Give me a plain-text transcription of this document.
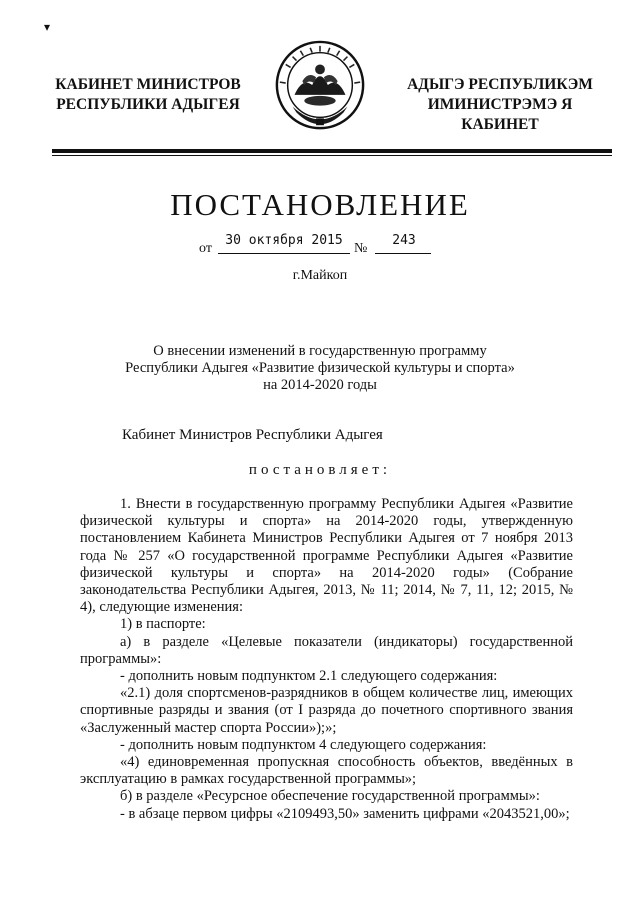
▾
КАБИНЕТ МИНИСТРОВ
РЕСПУБЛИКИ АДЫГЕЯ
АДЫГЭ РЕСПУБЛИКЭМ
ИМИНИСТРЭМЭ Я КАБИНЕТ
ПОСТАНОВЛЕНИЕ
от
30 октября 2015
№
243
г.Майкоп
О внесении изменений в государственную программу
Республики Адыгея «Развитие физической культуры и спорта»
на 2014-2020 годы
Кабинет Министров Республики Адыгея
постановляет:

1. Внести в государственную программу Республики Адыгея «Развитие физической культуры и спорта» на 2014-2020 годы, утвержденную постановлением Кабинета Министров Республики Адыгея от 7 ноября 2013 года № 257 «О государственной программе Республики Адыгея «Развитие физической культуры и спорта» на 2014-2020 годы» (Собрание законодательства Республики Адыгея, 2013, № 11; 2014, № 7, 11, 12; 2015, № 4), следующие изменения:

1) в паспорте:

а) в разделе «Целевые показатели (индикаторы) государственной программы»:

- дополнить новым подпунктом 2.1 следующего содержания:

«2.1) доля спортсменов-разрядников в общем количестве лиц, имеющих спортивные разряды и звания (от I разряда до почетного спортивного звания «Заслуженный мастер спорта России»);»;

- дополнить новым подпунктом 4 следующего содержания:

«4) единовременная пропускная способность объектов, введённых в эксплуатацию в рамках государственной программы»;

б) в разделе «Ресурсное обеспечение государственной программы»:

- в абзаце первом цифры «2109493,50» заменить цифрами «2043521,00»;
